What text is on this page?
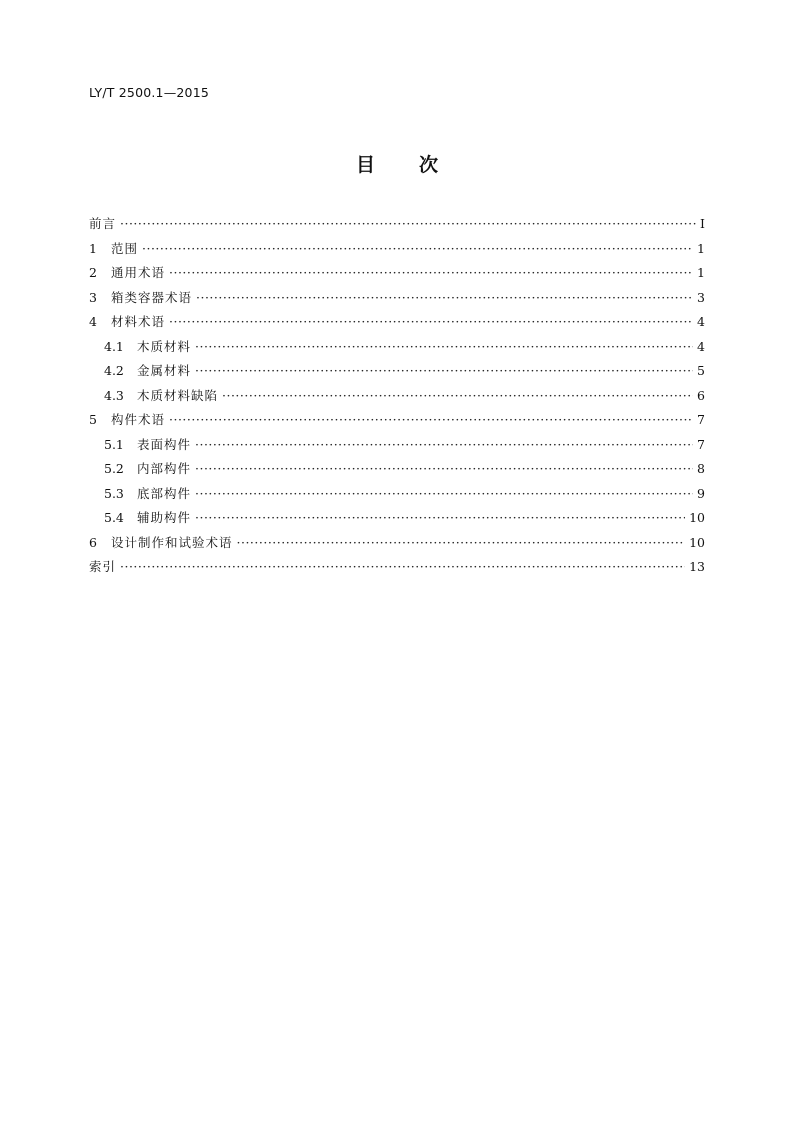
LY/T 2500.1—2015
目 次
前言 ·····	Ⅰ
1	范围 ·····	1
2	通用术语 ·····	1
3	箱类容器术语 ·····	3
4	材料术语 ·····	4
4.1	木质材料 ·····	4
4.2	金属材料 ·····	5
4.3	木质材料缺陷 ·····	6
5	构件术语 ·····	7
5.1	表面构件 ·····	7
5.2	内部构件 ·····	8
5.3	底部构件 ·····	9
5.4	辅助构件 ·····	10
6	设计制作和试验术语 ·····	10
索引 ·····	13
